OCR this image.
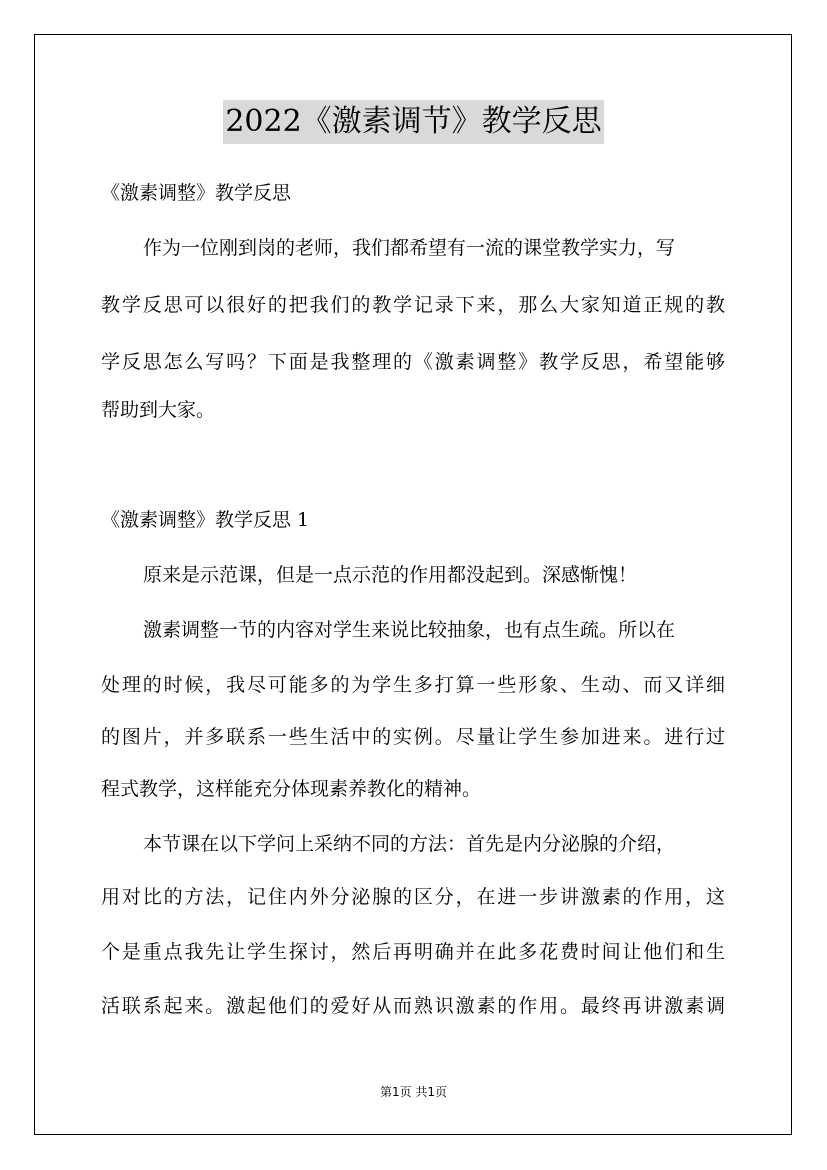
2022《激素调节》教学反思
《激素调整》教学反思
作为一位刚到岗的老师，我们都希望有一流的课堂教学实力，写
教学反思可以很好的把我们的教学记录下来，那么大家知道正规的教
学反思怎么写吗？下面是我整理的《激素调整》教学反思，希望能够
帮助到大家。
《激素调整》教学反思 1
原来是示范课，但是一点示范的作用都没起到。深感惭愧！
激素调整一节的内容对学生来说比较抽象，也有点生疏。所以在
处理的时候，我尽可能多的为学生多打算一些形象、生动、而又详细
的图片，并多联系一些生活中的实例。尽量让学生参加进来。进行过
程式教学，这样能充分体现素养教化的精神。
本节课在以下学问上采纳不同的方法：首先是内分泌腺的介绍，
用对比的方法，记住内外分泌腺的区分，在进一步讲激素的作用，这
个是重点我先让学生探讨，然后再明确并在此多花费时间让他们和生
活联系起来。激起他们的爱好从而熟识激素的作用。最终再讲激素调
第1页 共1页
